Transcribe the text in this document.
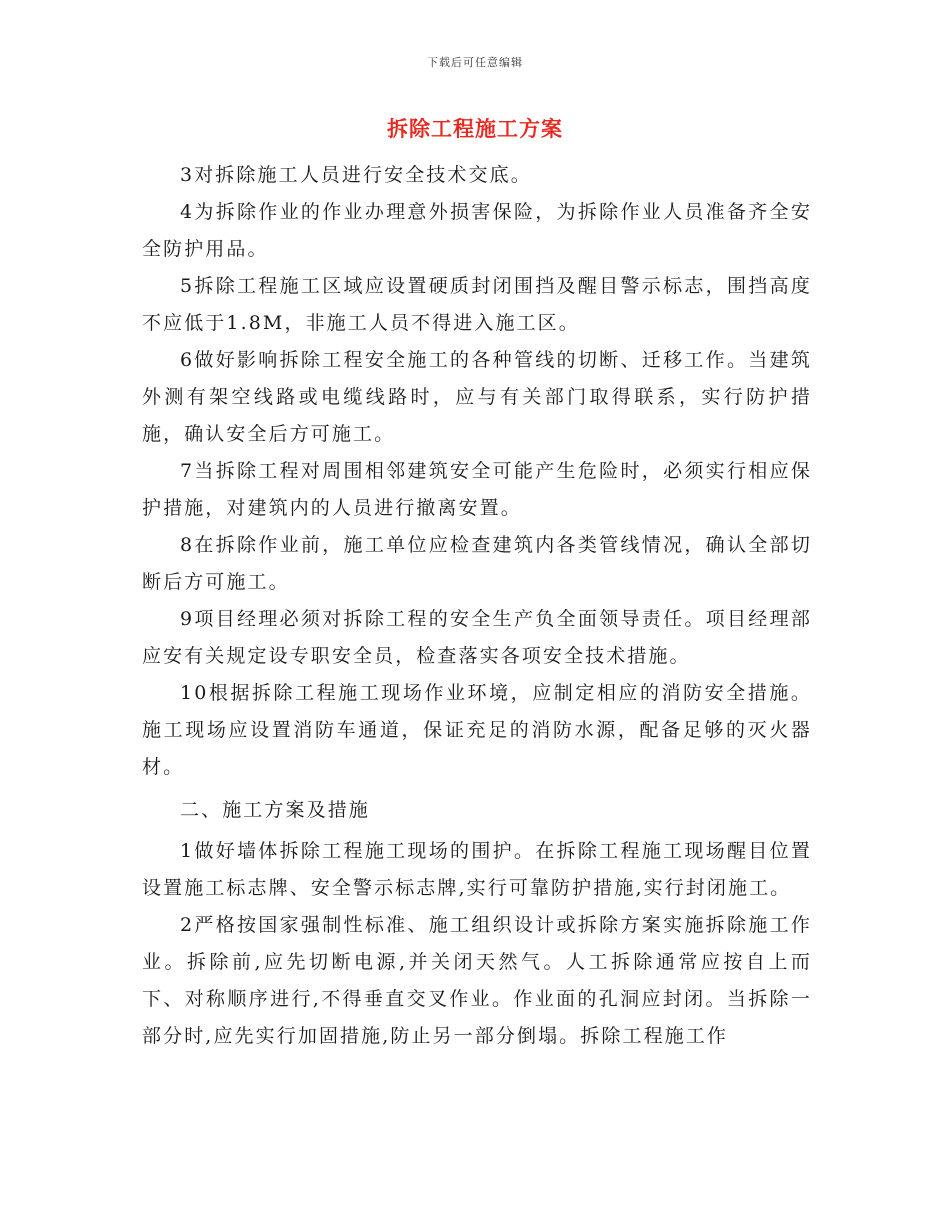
下载后可任意编辑
拆除工程施工方案

3对拆除施工人员进行安全技术交底。

4为拆除作业的作业办理意外损害保险，为拆除作业人员准备齐全安全防护用品。

5拆除工程施工区域应设置硬质封闭围挡及醒目警示标志，围挡高度不应低于1.8M，非施工人员不得进入施工区。

6做好影响拆除工程安全施工的各种管线的切断、迁移工作。当建筑外测有架空线路或电缆线路时，应与有关部门取得联系，实行防护措施，确认安全后方可施工。

7当拆除工程对周围相邻建筑安全可能产生危险时，必须实行相应保护措施，对建筑内的人员进行撤离安置。

8在拆除作业前，施工单位应检查建筑内各类管线情况，确认全部切断后方可施工。

9项目经理必须对拆除工程的安全生产负全面领导责任。项目经理部应安有关规定设专职安全员，检查落实各项安全技术措施。

10根据拆除工程施工现场作业环境，应制定相应的消防安全措施。施工现场应设置消防车通道，保证充足的消防水源，配备足够的灭火器材。

二、施工方案及措施

1做好墙体拆除工程施工现场的围护。在拆除工程施工现场醒目位置设置施工标志牌、安全警示标志牌,实行可靠防护措施,实行封闭施工。

2严格按国家强制性标准、施工组织设计或拆除方案实施拆除施工作业。拆除前,应先切断电源,并关闭天然气。人工拆除通常应按自上而下、对称顺序进行,不得垂直交叉作业。作业面的孔洞应封闭。当拆除一部分时,应先实行加固措施,防止另一部分倒塌。拆除工程施工作
